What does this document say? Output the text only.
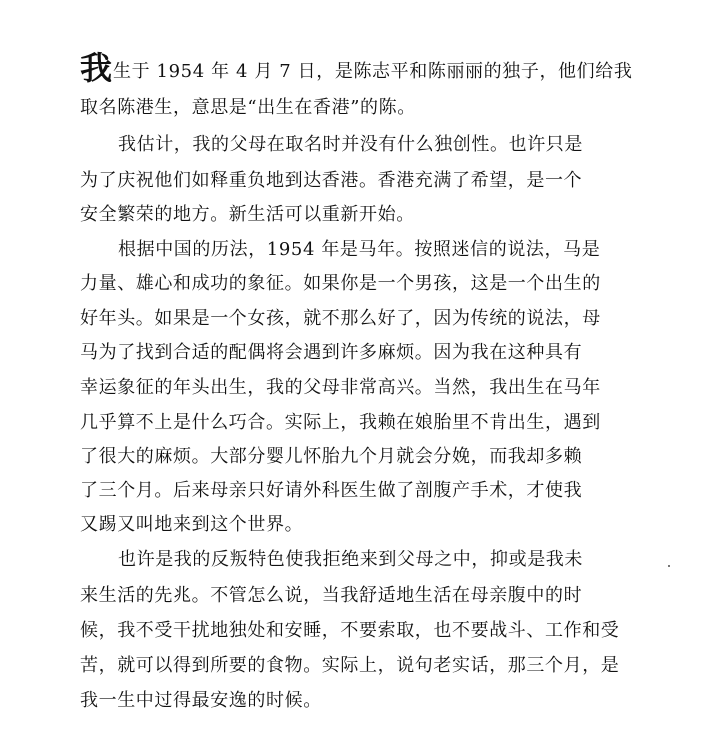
我生于 1954 年 4 月 7 日，是陈志平和陈丽丽的独子，他们给我
取名陈港生，意思是“出生在香港”的陈。
我估计，我的父母在取名时并没有什么独创性。也许只是
为了庆祝他们如释重负地到达香港。香港充满了希望，是一个
安全繁荣的地方。新生活可以重新开始。
根据中国的历法，1954 年是马年。按照迷信的说法，马是
力量、雄心和成功的象征。如果你是一个男孩，这是一个出生的
好年头。如果是一个女孩，就不那么好了，因为传统的说法，母
马为了找到合适的配偶将会遇到许多麻烦。因为我在这种具有
幸运象征的年头出生，我的父母非常高兴。当然，我出生在马年
几乎算不上是什么巧合。实际上，我赖在娘胎里不肯出生，遇到
了很大的麻烦。大部分婴儿怀胎九个月就会分娩，而我却多赖
了三个月。后来母亲只好请外科医生做了剖腹产手术，才使我
又踢又叫地来到这个世界。
也许是我的反叛特色使我拒绝来到父母之中，抑或是我未
来生活的先兆。不管怎么说，当我舒适地生活在母亲腹中的时
候，我不受干扰地独处和安睡，不要索取，也不要战斗、工作和受
苦，就可以得到所要的食物。实际上，说句老实话，那三个月，是
我一生中过得最安逸的时候。
